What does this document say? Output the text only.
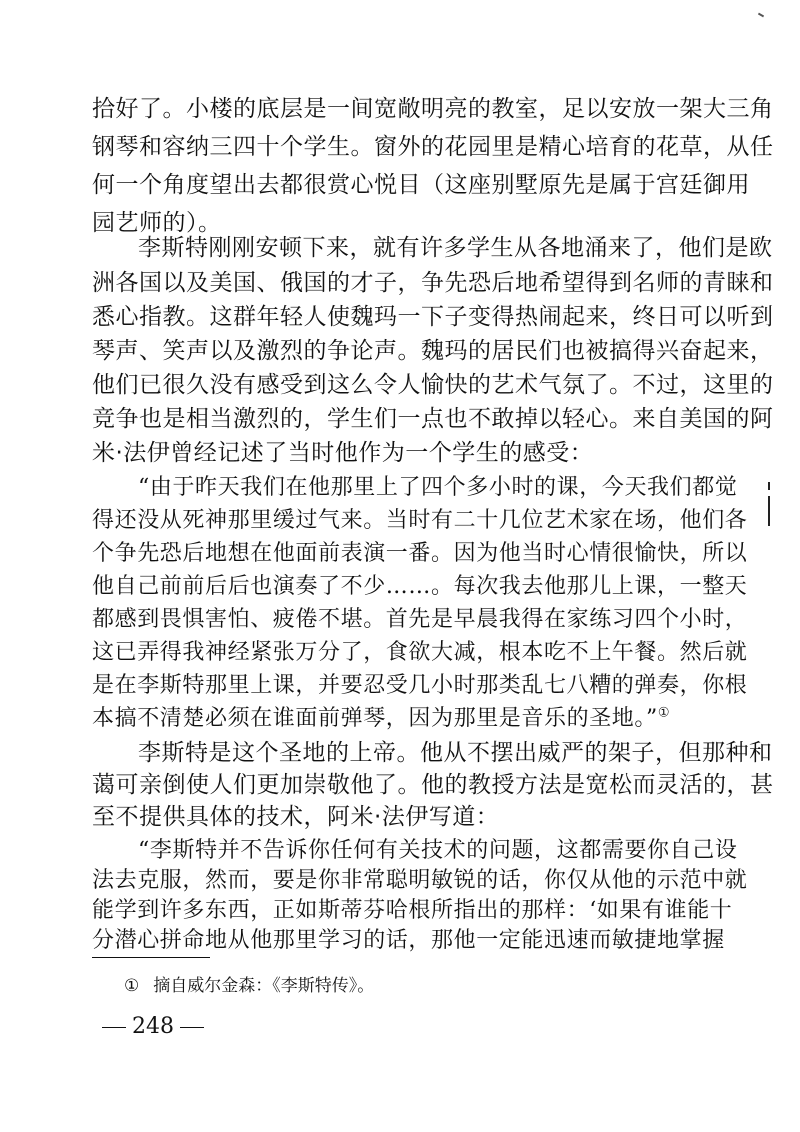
拾好了。小楼的底层是一间宽敞明亮的教室，足以安放一架大三角
钢琴和容纳三四十个学生。窗外的花园里是精心培育的花草，从任
何一个角度望出去都很赏心悦目（这座别墅原先是属于宫廷御用
园艺师的）。
李斯特刚刚安顿下来，就有许多学生从各地涌来了，他们是欧
洲各国以及美国、俄国的才子，争先恐后地希望得到名师的青睐和
悉心指教。这群年轻人使魏玛一下子变得热闹起来，终日可以听到
琴声、笑声以及激烈的争论声。魏玛的居民们也被搞得兴奋起来，
他们已很久没有感受到这么令人愉快的艺术气氛了。不过，这里的
竞争也是相当激烈的，学生们一点也不敢掉以轻心。来自美国的阿
米·法伊曾经记述了当时他作为一个学生的感受：
“由于昨天我们在他那里上了四个多小时的课，今天我们都觉
得还没从死神那里缓过气来。当时有二十几位艺术家在场，他们各
个争先恐后地想在他面前表演一番。因为他当时心情很愉快，所以
他自己前前后后也演奏了不少……。每次我去他那儿上课，一整天
都感到畏惧害怕、疲倦不堪。首先是早晨我得在家练习四个小时，
这已弄得我神经紧张万分了，食欲大减，根本吃不上午餐。然后就
是在李斯特那里上课，并要忍受几小时那类乱七八糟的弹奏，你根
本搞不清楚必须在谁面前弹琴，因为那里是音乐的圣地。”①
李斯特是这个圣地的上帝。他从不摆出威严的架子，但那种和
蔼可亲倒使人们更加崇敬他了。他的教授方法是宽松而灵活的，甚
至不提供具体的技术，阿米·法伊写道：
“李斯特并不告诉你任何有关技术的问题，这都需要你自己设
法去克服，然而，要是你非常聪明敏锐的话，你仅从他的示范中就
能学到许多东西，正如斯蒂芬哈根所指出的那样：‘如果有谁能十
分潜心拼命地从他那里学习的话，那他一定能迅速而敏捷地掌握
① 摘自威尔金森：《李斯特传》。
248
